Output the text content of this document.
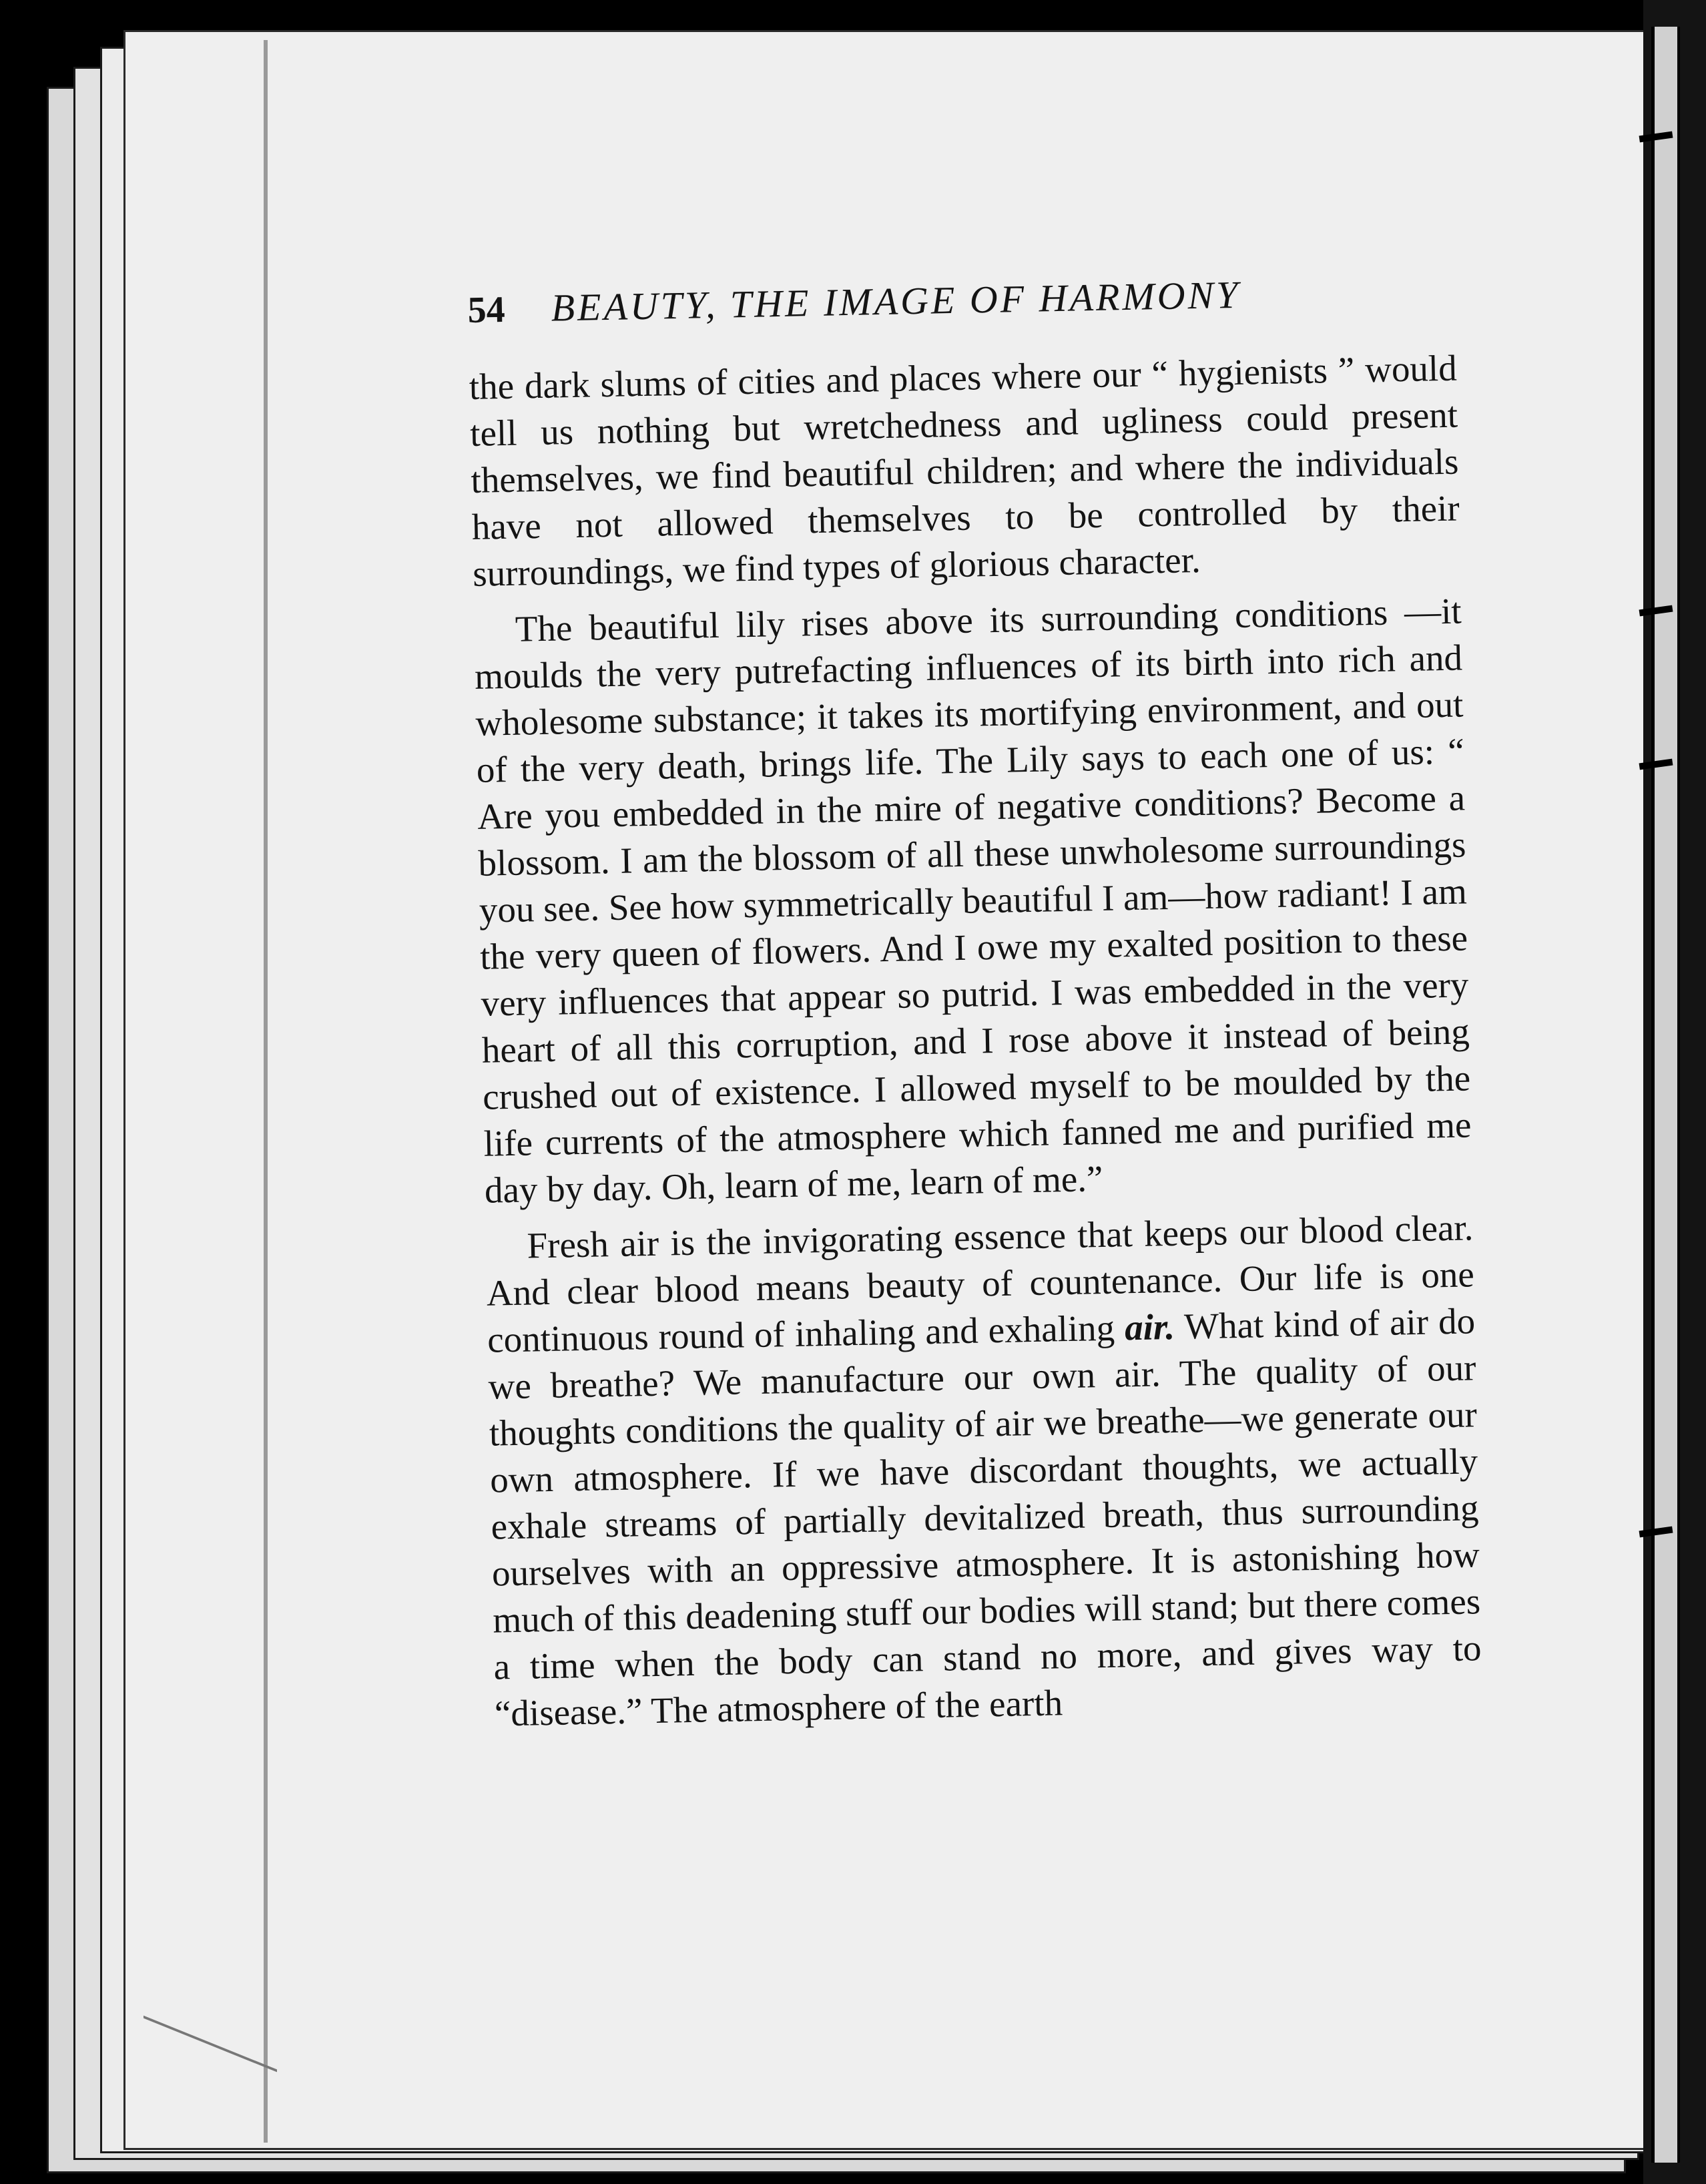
54	BEAUTY, THE IMAGE OF HARMONY

the dark slums of cities and places where our “ hygienists ” would tell us nothing but wretchedness and ugliness could present themselves, we find beautiful children; and where the individuals have not allowed themselves to be controlled by their surroundings, we find types of glorious character.

The beautiful lily rises above its surrounding conditions —it moulds the very putrefacting influences of its birth into rich and wholesome substance; it takes its mortifying environment, and out of the very death, brings life. The Lily says to each one of us: “ Are you embedded in the mire of negative conditions? Become a blossom. I am the blossom of all these unwholesome surroundings you see. See how symmetrically beautiful I am—how radiant! I am the very queen of flowers. And I owe my exalted position to these very influences that appear so putrid. I was embedded in the very heart of all this corruption, and I rose above it instead of being crushed out of existence. I allowed myself to be moulded by the life currents of the atmosphere which fanned me and purified me day by day. Oh, learn of me, learn of me.”

Fresh air is the invigorating essence that keeps our blood clear. And clear blood means beauty of countenance. Our life is one continuous round of inhaling and exhaling air. What kind of air do we breathe? We manufacture our own air. The quality of our thoughts conditions the quality of air we breathe—we generate our own atmosphere. If we have discordant thoughts, we actually exhale streams of partially devitalized breath, thus surrounding ourselves with an oppressive atmosphere. It is astonishing how much of this deadening stuff our bodies will stand; but there comes a time when the body can stand no more, and gives way to “disease.” The atmosphere of the earth
